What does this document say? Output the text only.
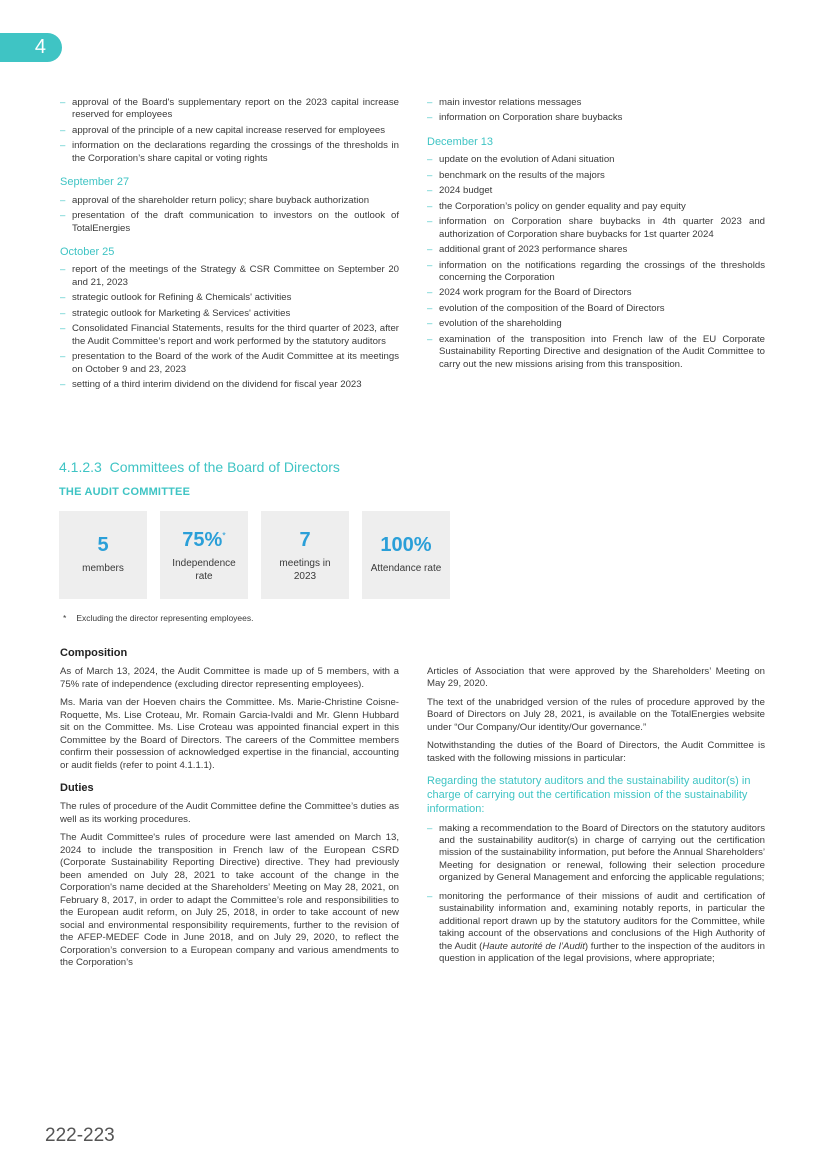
4
– approval of the Board's supplementary report on the 2023 capital increase reserved for employees
– approval of the principle of a new capital increase reserved for employees
– information on the declarations regarding the crossings of the thresholds in the Corporation’s share capital or voting rights
September 27
– approval of the shareholder return policy; share buyback authorization
– presentation of the draft communication to investors on the outlook of TotalEnergies
October 25
– report of the meetings of the Strategy & CSR Committee on September 20 and 21, 2023
– strategic outlook for Refining & Chemicals' activities
– strategic outlook for Marketing & Services' activities
– Consolidated Financial Statements, results for the third quarter of 2023, after the Audit Committee’s report and work performed by the statutory auditors
– presentation to the Board of the work of the Audit Committee at its meetings on October 9 and 23, 2023
– setting of a third interim dividend on the dividend for fiscal year 2023
– main investor relations messages
– information on Corporation share buybacks
December 13
– update on the evolution of Adani situation
– benchmark on the results of the majors
– 2024 budget
– the Corporation’s policy on gender equality and pay equity
– information on Corporation share buybacks in 4th quarter 2023 and authorization of Corporation share buybacks for 1st quarter 2024
– additional grant of 2023 performance shares
– information on the notifications regarding the crossings of the thresholds concerning the Corporation
– 2024 work program for the Board of Directors
– evolution of the composition of the Board of Directors
– evolution of the shareholding
– examination of the transposition into French law of the EU Corporate Sustainability Reporting Directive and designation of the Audit Committee to carry out the new missions arising from this transposition.
4.1.2.3  Committees of the Board of Directors
THE AUDIT COMMITTEE
5
members
75%*
Independence rate
7
meetings in 2023
100%
Attendance rate
* Excluding the director representing employees.
Composition

As of March 13, 2024, the Audit Committee is made up of 5 members, with a 75% rate of independence (excluding director representing employees).

Ms. Maria van der Hoeven chairs the Committee. Ms. Marie-Christine Coisne-Roquette, Ms. Lise Croteau, Mr. Romain Garcia-Ivaldi and Mr. Glenn Hubbard sit on the Committee. Ms. Lise Croteau was appointed financial expert in this Committee by the Board of Directors. The careers of the Committee members confirm their possession of acknowledged expertise in the financial, accounting or audit fields (refer to point 4.1.1.1).

Duties

The rules of procedure of the Audit Committee define the Committee’s duties as well as its working procedures.

The Audit Committee's rules of procedure were last amended on March 13, 2024 to include the transposition in French law of the European CSRD (Corporate Sustainability Reporting Directive) directive. They had previously been amended on July 28, 2021 to take account of the change in the Corporation's name decided at the Shareholders’ Meeting on May 28, 2021, on February 8, 2017, in order to adapt the Committee’s role and responsibilities to the European audit reform, on July 25, 2018, in order to take account of new social and environmental responsibility requirements, further to the revision of the AFEP-MEDEF Code in June 2018, and on July 29, 2020, to reflect the Corporation’s conversion to a European company and various amendments to the Corporation’s

Articles of Association that were approved by the Shareholders’ Meeting on May 29, 2020.

The text of the unabridged version of the rules of procedure approved by the Board of Directors on July 28, 2021, is available on the TotalEnergies website under “Our Company/Our identity/Our governance.”

Notwithstanding the duties of the Board of Directors, the Audit Committee is tasked with the following missions in particular:

Regarding the statutory auditors and the sustainability auditor(s) in charge of carrying out the certification mission of the sustainability information:
– making a recommendation to the Board of Directors on the statutory auditors and the sustainability auditor(s) in charge of carrying out the certification mission of the sustainability information, put before the Annual Shareholders’ Meeting for designation or renewal, following their selection procedure organized by General Management and enforcing the applicable regulations;
– monitoring the performance of their missions of audit and certification of sustainability information and, examining notably reports, in particular the additional report drawn up by the statutory auditors for the Committee, while taking account of the observations and conclusions of the High Authority of the Audit (Haute autorité de l’Audit) further to the inspection of the auditors in question in application of the legal provisions, where appropriate;
222-223
